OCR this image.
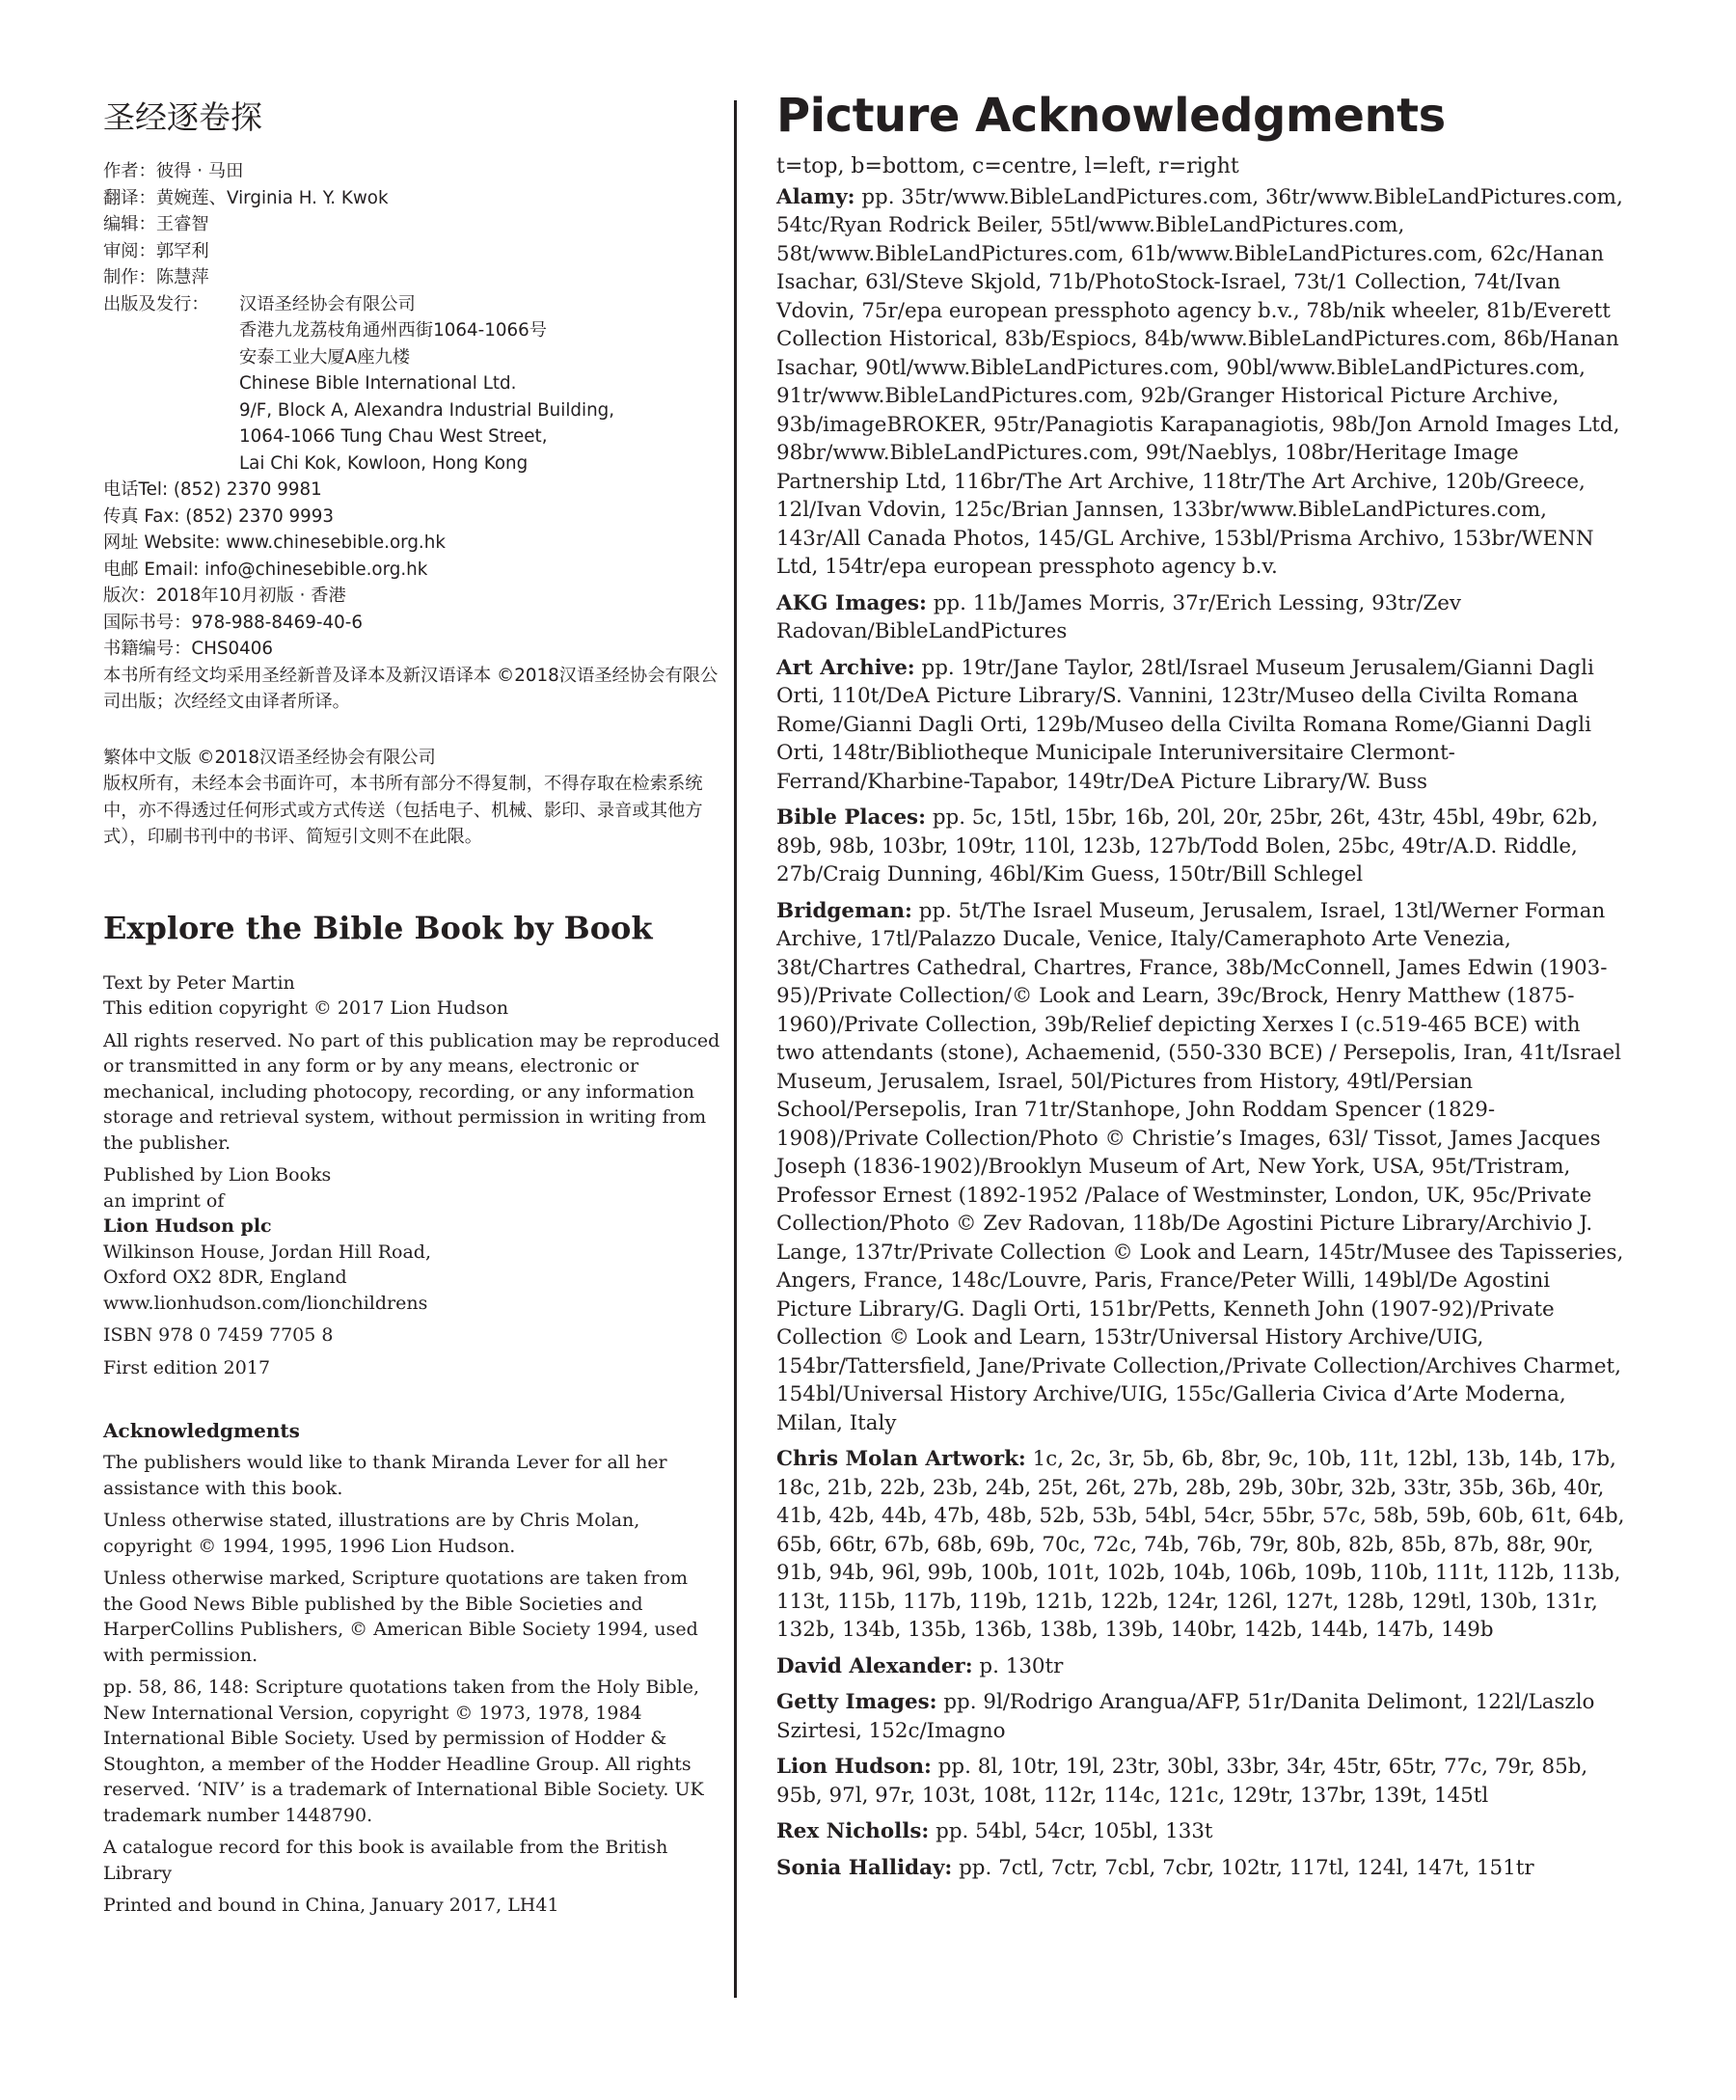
圣经逐卷探
作者：彼得 · 马田
翻译：黄婉莲、Virginia H. Y. Kwok
编辑：王睿智
审阅：郭罕利
制作：陈慧萍
出版及发行：	汉语圣经协会有限公司
香港九龙荔枝角通州西街1064-1066号
安泰工业大厦A座九楼
Chinese Bible International Ltd.
9/F, Block A, Alexandra Industrial Building,
1064-1066 Tung Chau West Street,
Lai Chi Kok, Kowloon, Hong Kong
电话Tel: (852) 2370 9981
传真 Fax: (852) 2370 9993
网址 Website: www.chinesebible.org.hk
电邮 Email: info@chinesebible.org.hk
版次：2018年10月初版 · 香港
国际书号：978-988-8469-40-6
书籍编号：CHS0406

本书所有经文均采用圣经新普及译本及新汉语译本 ©2018汉语圣经协会有限公司出版；次经经文由译者所译。

繁体中文版 ©2018汉语圣经协会有限公司

版权所有，未经本会书面许可，本书所有部分不得复制，不得存取在检索系统中，亦不得透过任何形式或方式传送（包括电子、机械、影印、录音或其他方式），印刷书刊中的书评、简短引文则不在此限。

Explore the Bible Book by Book

Text by Peter Martin
This edition copyright © 2017 Lion Hudson

All rights reserved. No part of this publication may be reproduced or transmitted in any form or by any means, electronic or mechanical, including photocopy, recording, or any information storage and retrieval system, without permission in writing from the publisher.

Published by Lion Books
an imprint of
Lion Hudson plc
Wilkinson House, Jordan Hill Road,
Oxford OX2 8DR, England
www.lionhudson.com/lionchildrens

ISBN 978 0 7459 7705 8

First edition 2017

Acknowledgments

The publishers would like to thank Miranda Lever for all her assistance with this book.

Unless otherwise stated, illustrations are by Chris Molan, copyright © 1994, 1995, 1996 Lion Hudson.

Unless otherwise marked, Scripture quotations are taken from the Good News Bible published by the Bible Societies and HarperCollins Publishers, © American Bible Society 1994, used with permission.

pp. 58, 86, 148: Scripture quotations taken from the Holy Bible, New International Version, copyright © 1973, 1978, 1984 International Bible Society. Used by permission of Hodder & Stoughton, a member of the Hodder Headline Group. All rights reserved. ‘NIV’ is a trademark of International Bible Society. UK trademark number 1448790.

A catalogue record for this book is available from the British Library

Printed and bound in China, January 2017, LH41

Picture Acknowledgments

t=top, b=bottom, c=centre, l=left, r=right

Alamy: pp. 35tr/www.BibleLandPictures.com, 36tr/www.BibleLandPictures.com, 54tc/Ryan Rodrick Beiler, 55tl/www.BibleLandPictures.com, 58t/www.BibleLandPictures.com, 61b/www.BibleLandPictures.com, 62c/Hanan Isachar, 63l/Steve Skjold, 71b/PhotoStock-Israel, 73t/1 Collection, 74t/Ivan Vdovin, 75r/epa european pressphoto agency b.v., 78b/nik wheeler, 81b/Everett Collection Historical, 83b/Espiocs, 84b/www.BibleLandPictures.com, 86b/Hanan Isachar, 90tl/www.BibleLandPictures.com, 90bl/www.BibleLandPictures.com, 91tr/www.BibleLandPictures.com, 92b/Granger Historical Picture Archive, 93b/imageBROKER, 95tr/Panagiotis Karapanagiotis, 98b/Jon Arnold Images Ltd, 98br/www.BibleLandPictures.com, 99t/Naeblys, 108br/Heritage Image Partnership Ltd, 116br/The Art Archive, 118tr/The Art Archive, 120b/Greece, 12l/Ivan Vdovin, 125c/Brian Jannsen, 133br/www.BibleLandPictures.com, 143r/All Canada Photos, 145/GL Archive, 153bl/Prisma Archivo, 153br/WENN Ltd, 154tr/epa european pressphoto agency b.v.

AKG Images: pp. 11b/James Morris, 37r/Erich Lessing, 93tr/Zev Radovan/BibleLandPictures

Art Archive: pp. 19tr/Jane Taylor, 28tl/Israel Museum Jerusalem/Gianni Dagli Orti, 110t/DeA Picture Library/S. Vannini, 123tr/Museo della Civilta Romana Rome/Gianni Dagli Orti, 129b/Museo della Civilta Romana Rome/Gianni Dagli Orti, 148tr/Bibliotheque Municipale Interuniversitaire Clermont-Ferrand/Kharbine-Tapabor, 149tr/DeA Picture Library/W. Buss

Bible Places: pp. 5c, 15tl, 15br, 16b, 20l, 20r, 25br, 26t, 43tr, 45bl, 49br, 62b, 89b, 98b, 103br, 109tr, 110l, 123b, 127b/Todd Bolen, 25bc, 49tr/A.D. Riddle, 27b/Craig Dunning, 46bl/Kim Guess, 150tr/Bill Schlegel

Bridgeman: pp. 5t/The Israel Museum, Jerusalem, Israel, 13tl/Werner Forman Archive, 17tl/Palazzo Ducale, Venice, Italy/Cameraphoto Arte Venezia, 38t/Chartres Cathedral, Chartres, France, 38b/McConnell, James Edwin (1903-95)/Private Collection/© Look and Learn, 39c/Brock, Henry Matthew (1875-1960)/Private Collection, 39b/Relief depicting Xerxes I (c.519-465 BCE) with two attendants (stone), Achaemenid, (550-330 BCE) / Persepolis, Iran, 41t/Israel Museum, Jerusalem, Israel, 50l/Pictures from History, 49tl/Persian School/Persepolis, Iran 71tr/Stanhope, John Roddam Spencer (1829-1908)/Private Collection/Photo © Christie’s Images, 63l/ Tissot, James Jacques Joseph (1836-1902)/Brooklyn Museum of Art, New York, USA, 95t/Tristram, Professor Ernest (1892-1952 /Palace of Westminster, London, UK, 95c/Private Collection/Photo © Zev Radovan, 118b/De Agostini Picture Library/Archivio J. Lange, 137tr/Private Collection © Look and Learn, 145tr/Musee des Tapisseries, Angers, France, 148c/Louvre, Paris, France/Peter Willi, 149bl/De Agostini Picture Library/G. Dagli Orti, 151br/Petts, Kenneth John (1907-92)/Private Collection © Look and Learn, 153tr/Universal History Archive/UIG, 154br/Tattersfield, Jane/Private Collection,/Private Collection/Archives Charmet, 154bl/Universal History Archive/UIG, 155c/Galleria Civica d’Arte Moderna, Milan, Italy

Chris Molan Artwork: 1c, 2c, 3r, 5b, 6b, 8br, 9c, 10b, 11t, 12bl, 13b, 14b, 17b, 18c, 21b, 22b, 23b, 24b, 25t, 26t, 27b, 28b, 29b, 30br, 32b, 33tr, 35b, 36b, 40r, 41b, 42b, 44b, 47b, 48b, 52b, 53b, 54bl, 54cr, 55br, 57c, 58b, 59b, 60b, 61t, 64b, 65b, 66tr, 67b, 68b, 69b, 70c, 72c, 74b, 76b, 79r, 80b, 82b, 85b, 87b, 88r, 90r, 91b, 94b, 96l, 99b, 100b, 101t, 102b, 104b, 106b, 109b, 110b, 111t, 112b, 113b, 113t, 115b, 117b, 119b, 121b, 122b, 124r, 126l, 127t, 128b, 129tl, 130b, 131r, 132b, 134b, 135b, 136b, 138b, 139b, 140br, 142b, 144b, 147b, 149b

David Alexander: p. 130tr

Getty Images: pp. 9l/Rodrigo Arangua/AFP, 51r/Danita Delimont, 122l/Laszlo Szirtesi, 152c/Imagno

Lion Hudson: pp. 8l, 10tr, 19l, 23tr, 30bl, 33br, 34r, 45tr, 65tr, 77c, 79r, 85b, 95b, 97l, 97r, 103t, 108t, 112r, 114c, 121c, 129tr, 137br, 139t, 145tl

Rex Nicholls: pp. 54bl, 54cr, 105bl, 133t

Sonia Halliday: pp. 7ctl, 7ctr, 7cbl, 7cbr, 102tr, 117tl, 124l, 147t, 151tr
